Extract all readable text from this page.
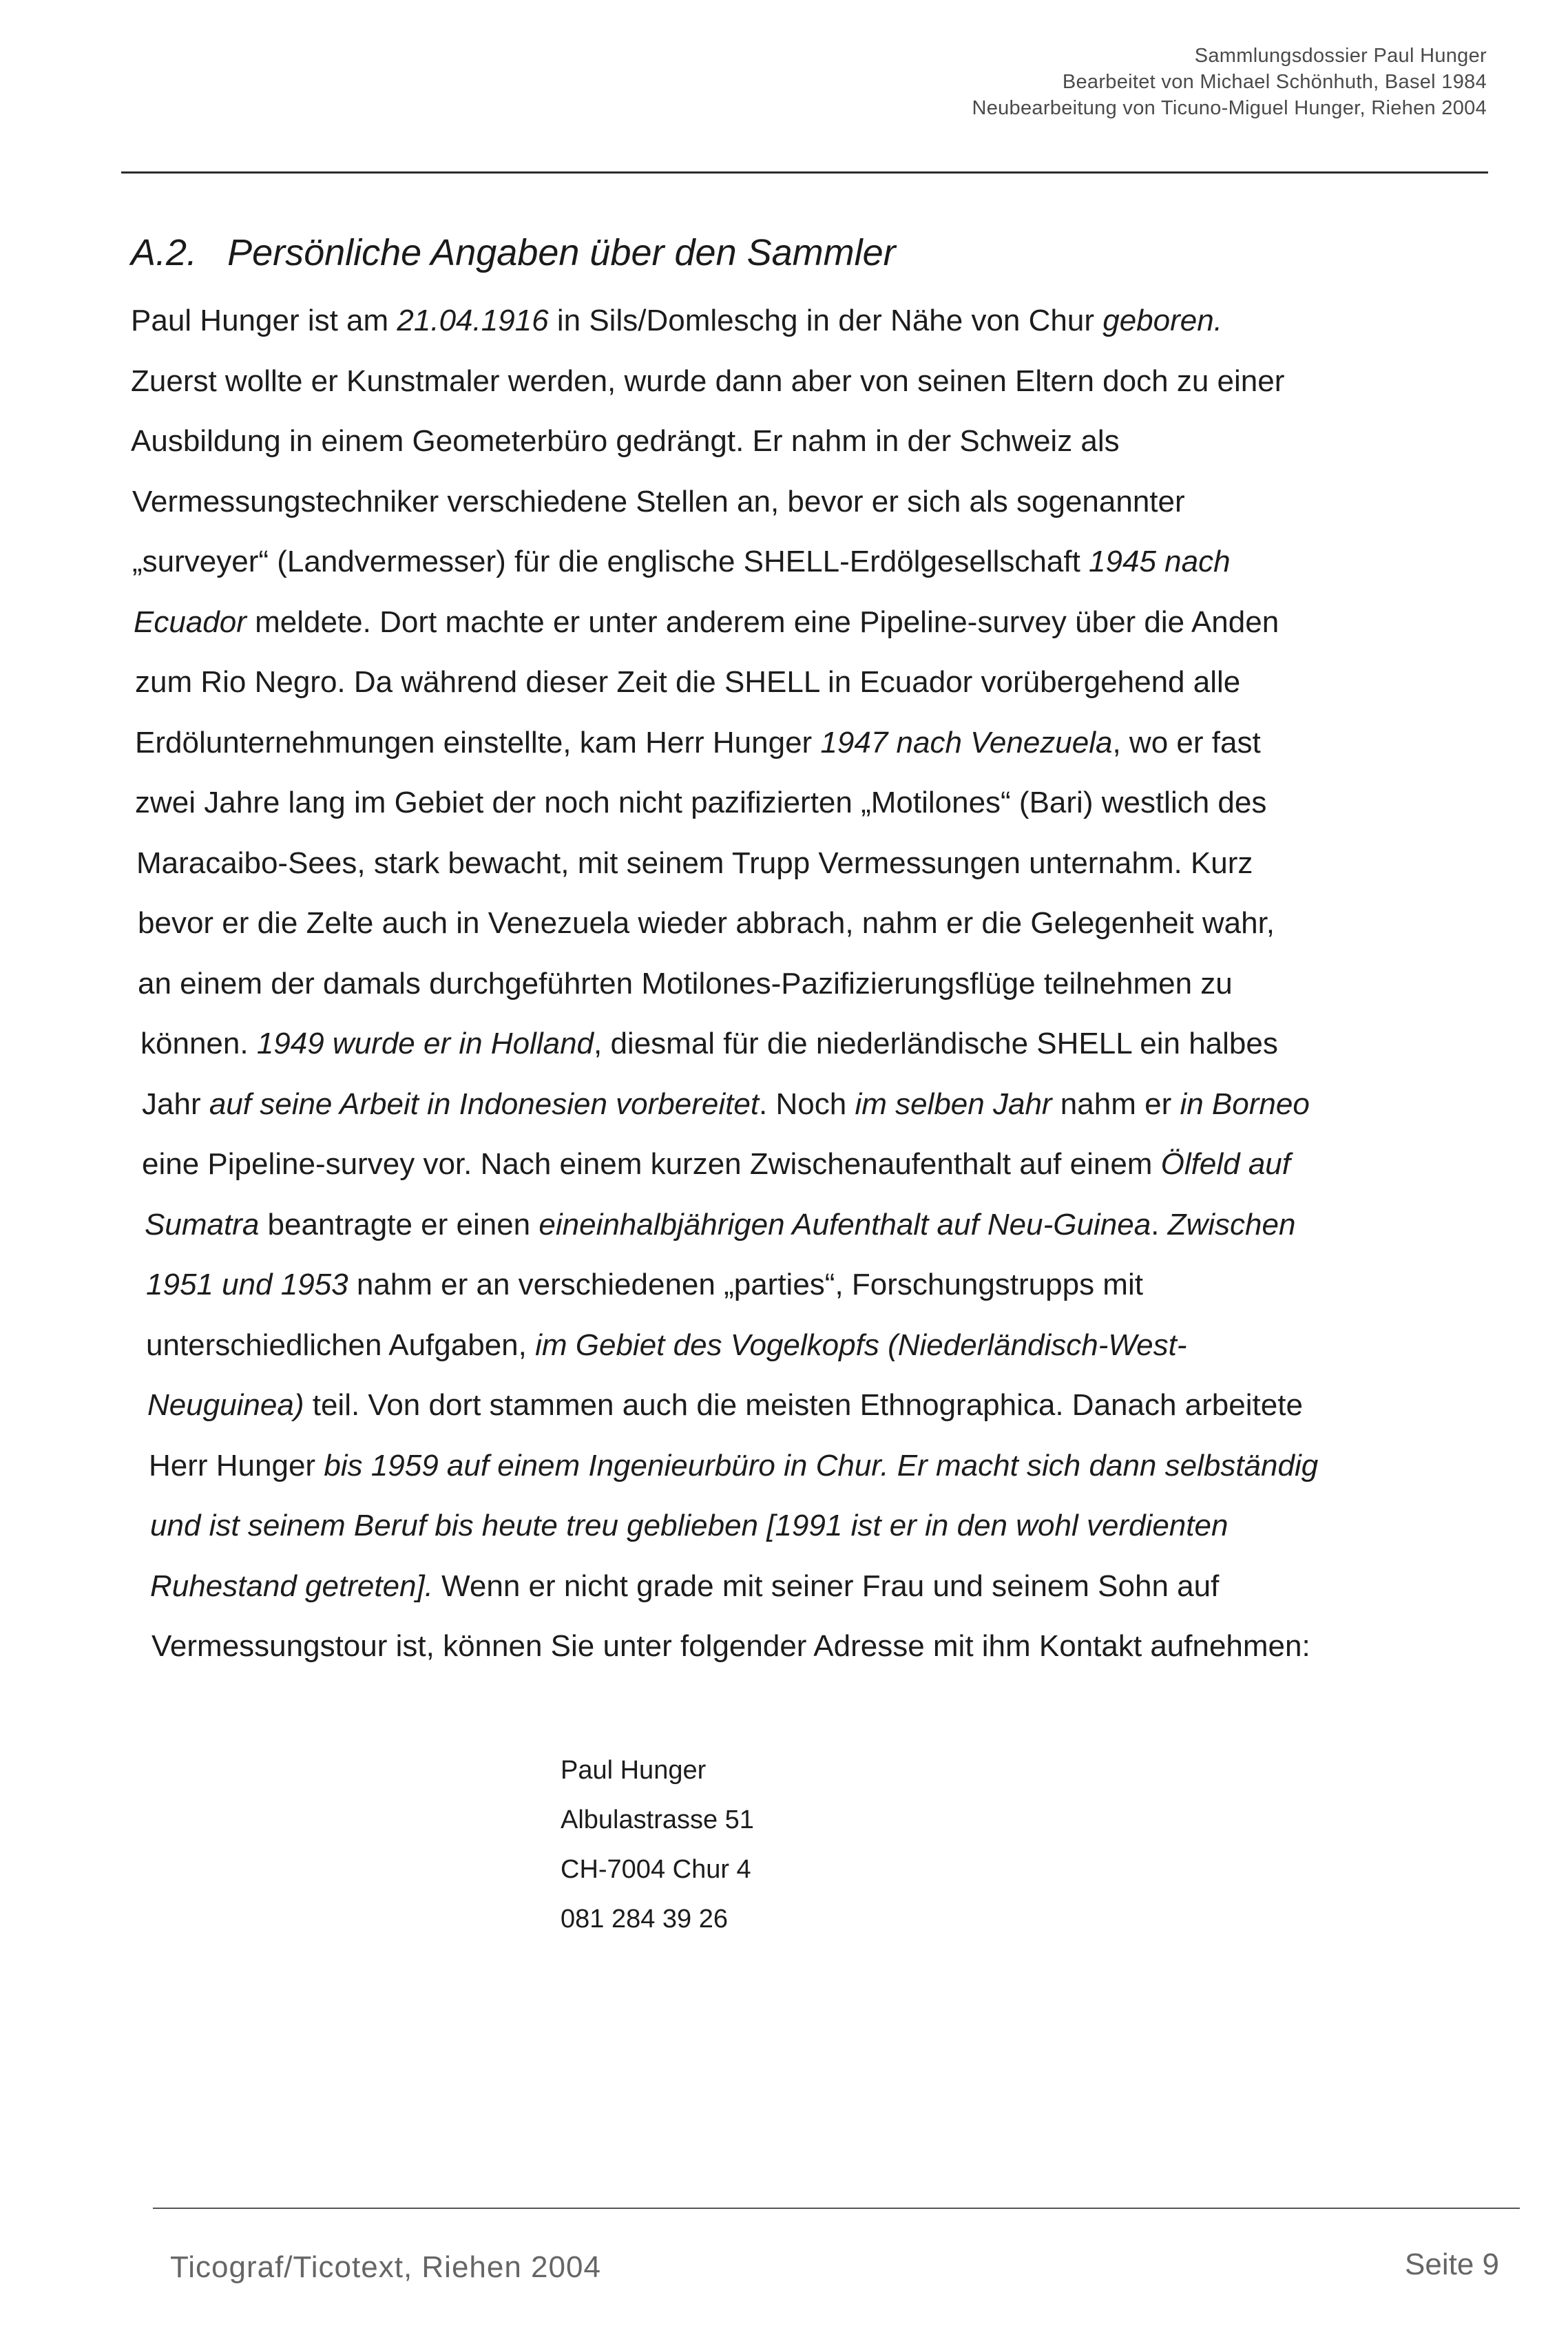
Sammlungsdossier Paul Hunger
Bearbeitet von Michael Schönhuth, Basel 1984
Neubearbeitung von Ticuno-Miguel Hunger, Riehen 2004
A.2. Persönliche Angaben über den Sammler
Paul Hunger ist am 21.04.1916 in Sils/Domleschg in der Nähe von Chur geboren.
Zuerst wollte er Kunstmaler werden, wurde dann aber von seinen Eltern doch zu einer
Ausbildung in einem Geometerbüro gedrängt. Er nahm in der Schweiz als
Vermessungstechniker verschiedene Stellen an, bevor er sich als sogenannter
„surveyer“ (Landvermesser) für die englische SHELL-Erdölgesellschaft 1945 nach
Ecuador meldete. Dort machte er unter anderem eine Pipeline-survey über die Anden
zum Rio Negro. Da während dieser Zeit die SHELL in Ecuador vorübergehend alle
Erdölunternehmungen einstellte, kam Herr Hunger 1947 nach Venezuela, wo er fast
zwei Jahre lang im Gebiet der noch nicht pazifizierten „Motilones“ (Bari) westlich des
Maracaibo-Sees, stark bewacht, mit seinem Trupp Vermessungen unternahm. Kurz
bevor er die Zelte auch in Venezuela wieder abbrach, nahm er die Gelegenheit wahr,
an einem der damals durchgeführten Motilones-Pazifizierungsflüge teilnehmen zu
können. 1949 wurde er in Holland, diesmal für die niederländische SHELL ein halbes
Jahr auf seine Arbeit in Indonesien vorbereitet. Noch im selben Jahr nahm er in Borneo
eine Pipeline-survey vor. Nach einem kurzen Zwischenaufenthalt auf einem Ölfeld auf
Sumatra beantragte er einen eineinhalbjährigen Aufenthalt auf Neu-Guinea. Zwischen
1951 und 1953 nahm er an verschiedenen „parties“, Forschungstrupps mit
unterschiedlichen Aufgaben, im Gebiet des Vogelkopfs (Niederländisch-West-
Neuguinea) teil. Von dort stammen auch die meisten Ethnographica. Danach arbeitete
Herr Hunger bis 1959 auf einem Ingenieurbüro in Chur. Er macht sich dann selbständig
und ist seinem Beruf bis heute treu geblieben [1991 ist er in den wohl verdienten
Ruhestand getreten]. Wenn er nicht grade mit seiner Frau und seinem Sohn auf
Vermessungstour ist, können Sie unter folgender Adresse mit ihm Kontakt aufnehmen:
Paul Hunger
Albulastrasse 51
CH-7004 Chur 4
081 284 39 26
Ticograf/Ticotext, Riehen 2004	Seite 9
